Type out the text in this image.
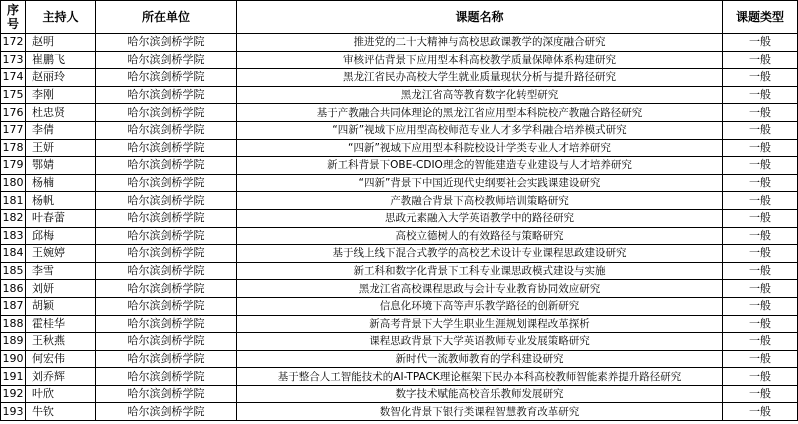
序号	主持人	所在单位	课题名称	课题类型
172	赵明	哈尔滨剑桥学院	推进党的二十大精神与高校思政课教学的深度融合研究	一般
173	崔鹏飞	哈尔滨剑桥学院	审核评估背景下应用型本科高校教学质量保障体系构建研究	一般
174	赵丽玲	哈尔滨剑桥学院	黑龙江省民办高校大学生就业质量现状分析与提升路径研究	一般
175	李刚	哈尔滨剑桥学院	黑龙江省高等教育数字化转型研究	一般
176	杜忠贤	哈尔滨剑桥学院	基于产教融合共同体理论的黑龙江省应用型本科院校产教融合路径研究	一般
177	李倩	哈尔滨剑桥学院	“四新”视域下应用型高校师范专业人才多学科融合培养模式研究	一般
178	王妍	哈尔滨剑桥学院	“四新”视域下应用型本科院校设计学类专业人才培养研究	一般
179	鄂婧	哈尔滨剑桥学院	新工科背景下OBE-CDIO理念的智能建造专业建设与人才培养研究	一般
180	杨楠	哈尔滨剑桥学院	“四新”背景下中国近现代史纲要社会实践课建设研究	一般
181	杨帆	哈尔滨剑桥学院	产教融合背景下高校教师培训策略研究	一般
182	叶春蕾	哈尔滨剑桥学院	思政元素融入大学英语教学中的路径研究	一般
183	邱梅	哈尔滨剑桥学院	高校立德树人的有效路径与策略研究	一般
184	王婉婷	哈尔滨剑桥学院	基于线上线下混合式教学的高校艺术设计专业课程思政建设研究	一般
185	李雪	哈尔滨剑桥学院	新工科和数字化背景下工科专业课思政模式建设与实施	一般
186	刘妍	哈尔滨剑桥学院	黑龙江省高校课程思政与会计专业教育协同效应研究	一般
187	胡颖	哈尔滨剑桥学院	信息化环境下高等声乐教学路径的创新研究	一般
188	霍桂华	哈尔滨剑桥学院	新高考背景下大学生职业生涯规划课程改革探析	一般
189	王秋燕	哈尔滨剑桥学院	课程思政背景下大学英语教师专业发展策略研究	一般
190	何宏伟	哈尔滨剑桥学院	新时代一流教师教育的学科建设研究	一般
191	刘乔辉	哈尔滨剑桥学院	基于整合人工智能技术的AI-TPACK理论框架下民办本科高校教师智能素养提升路径研究	一般
192	叶欣	哈尔滨剑桥学院	数字技术赋能高校音乐教师发展研究	一般
193	牛钦	哈尔滨剑桥学院	数智化背景下银行类课程智慧教育改革研究	一般
